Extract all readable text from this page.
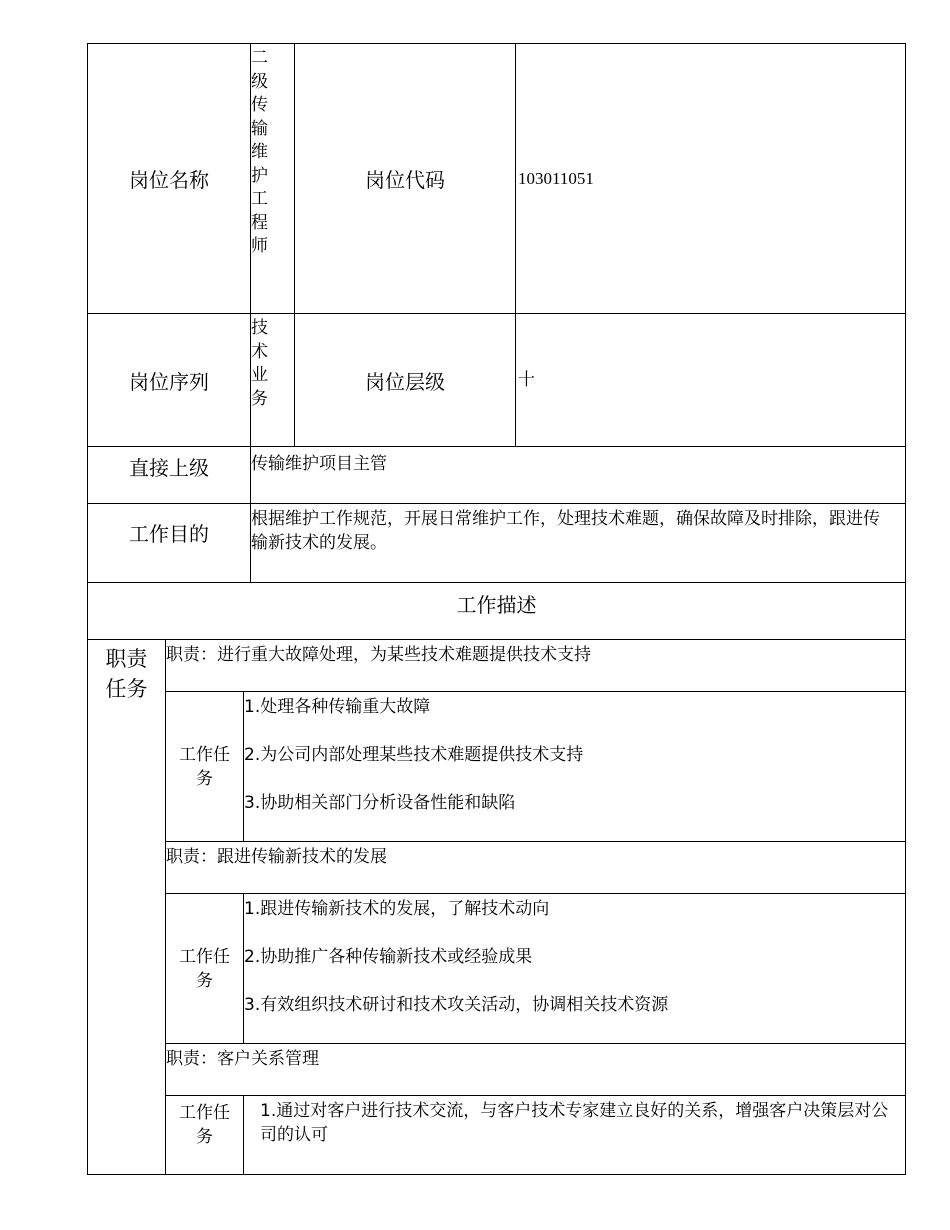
岗位名称
二级传输维护工程师
岗位代码	103011051
岗位序列
技术业务
岗位层级	十
直接上级 传输维护项目主管
工作目的
根据维护工作规范，开展日常维护工作，处理技术难题，确保故障及时排除，跟进传输新技术的发展。
工作描述
职责任务
职责：进行重大故障处理，为某些技术难题提供技术支持
工作任务
1.处理各种传输重大故障
2.为公司内部处理某些技术难题提供技术支持
3.协助相关部门分析设备性能和缺陷
职责：跟进传输新技术的发展
工作任务
1.跟进传输新技术的发展，了解技术动向
2.协助推广各种传输新技术或经验成果
3.有效组织技术研讨和技术攻关活动，协调相关技术资源
职责：客户关系管理
工作任务
1.通过对客户进行技术交流，与客户技术专家建立良好的关系，增强客户决策层对公司的认可
